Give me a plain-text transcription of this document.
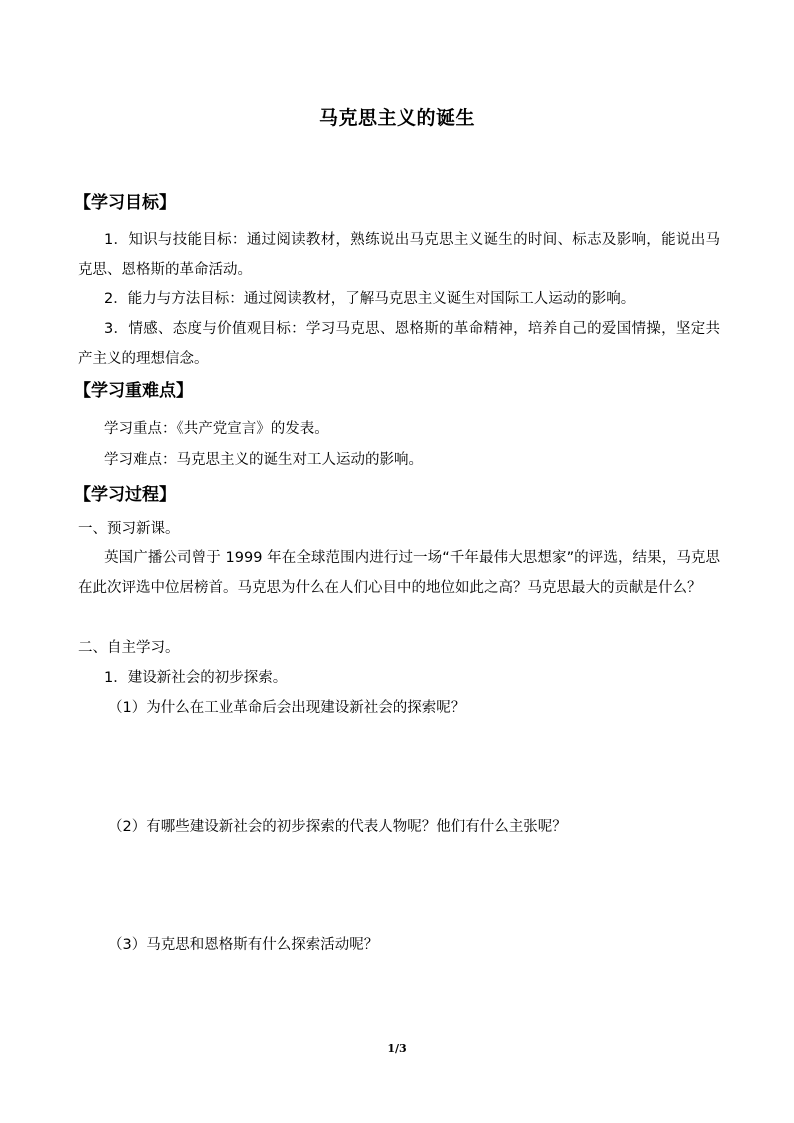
马克思主义的诞生
【学习目标】
1．知识与技能目标：通过阅读教材，熟练说出马克思主义诞生的时间、标志及影响，能说出马克思、恩格斯的革命活动。
2．能力与方法目标：通过阅读教材，了解马克思主义诞生对国际工人运动的影响。
3．情感、态度与价值观目标：学习马克思、恩格斯的革命精神，培养自己的爱国情操，坚定共产主义的理想信念。
【学习重难点】
学习重点：《共产党宣言》的发表。
学习难点：马克思主义的诞生对工人运动的影响。
【学习过程】
一、预习新课。
英国广播公司曾于 1999 年在全球范围内进行过一场“千年最伟大思想家”的评选，结果，马克思在此次评选中位居榜首。马克思为什么在人们心目中的地位如此之高？马克思最大的贡献是什么？
二、自主学习。
1．建设新社会的初步探索。
（1）为什么在工业革命后会出现建设新社会的探索呢？
（2）有哪些建设新社会的初步探索的代表人物呢？他们有什么主张呢？
（3）马克思和恩格斯有什么探索活动呢？
1/3
